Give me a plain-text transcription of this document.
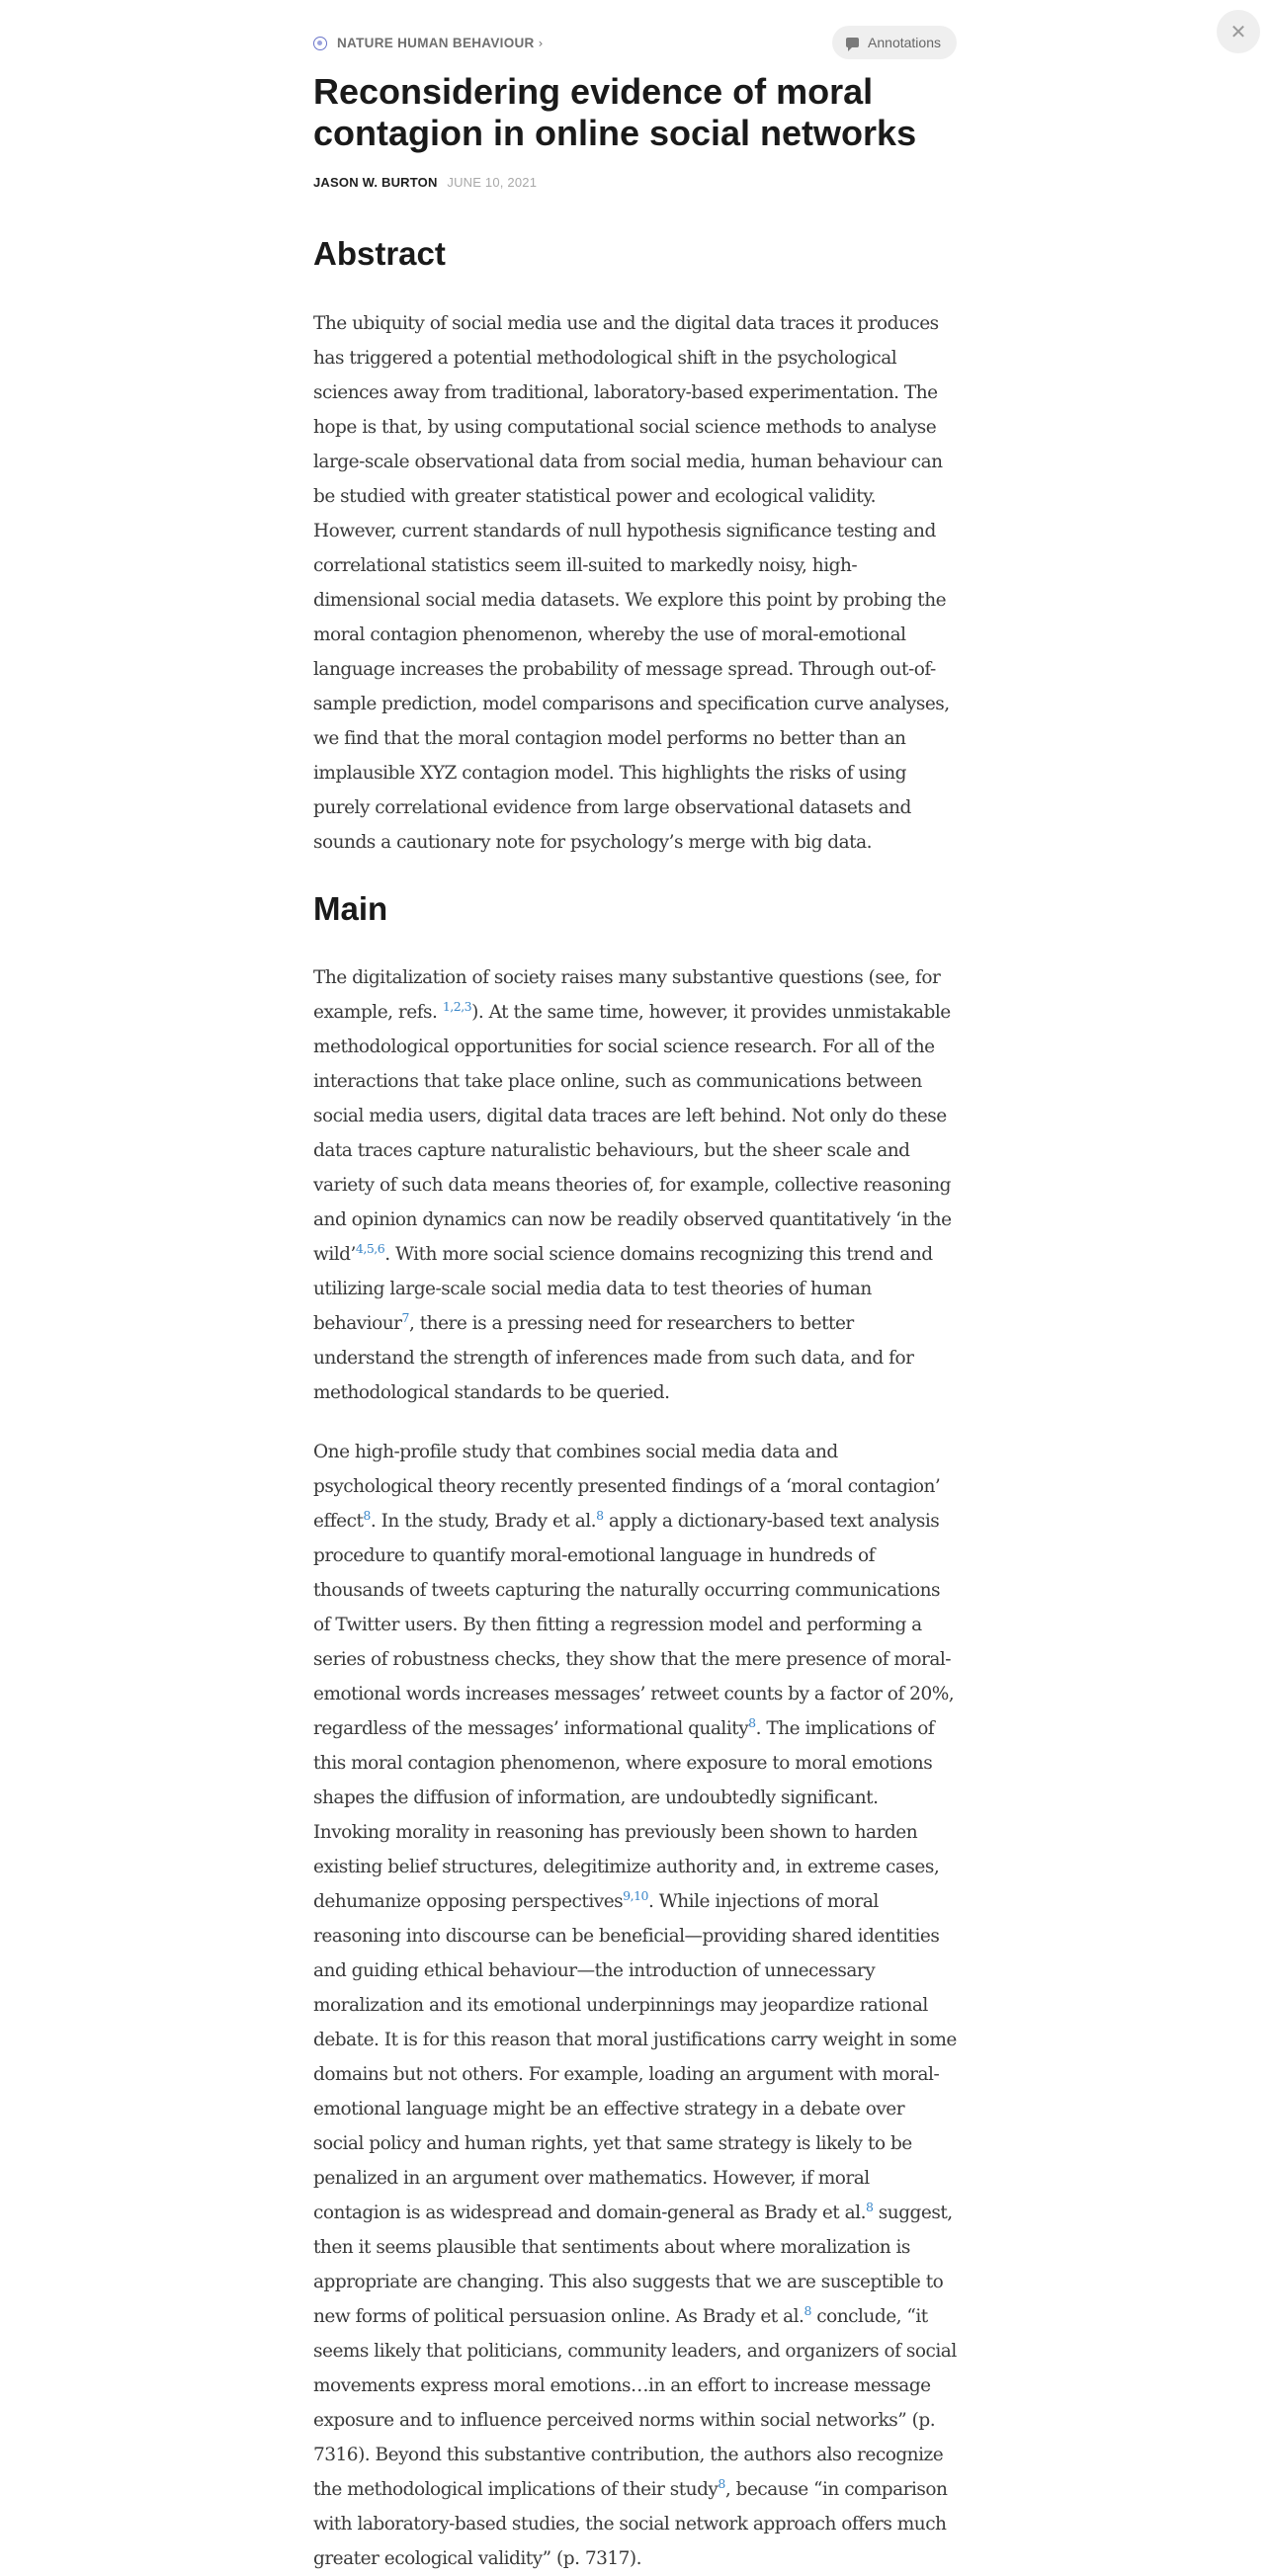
✕
NATURE HUMAN BEHAVIOUR ›	Annotations
Reconsidering evidence of moral contagion in online social networks
JASON W. BURTON JUNE 10, 2021
Abstract

The ubiquity of social media use and the digital data traces it produces has triggered a potential methodological shift in the psychological sciences away from traditional, laboratory-based experimentation. The hope is that, by using computational social science methods to analyse large-scale observational data from social media, human behaviour can be studied with greater statistical power and ecological validity. However, current standards of null hypothesis significance testing and correlational statistics seem ill-suited to markedly noisy, high-dimensional social media datasets. We explore this point by probing the moral contagion phenomenon, whereby the use of moral-emotional language increases the probability of message spread. Through out-of-sample prediction, model comparisons and specification curve analyses, we find that the moral contagion model performs no better than an implausible XYZ contagion model. This highlights the risks of using purely correlational evidence from large observational datasets and sounds a cautionary note for psychology’s merge with big data.

Main

The digitalization of society raises many substantive questions (see, for example, refs. $^{1,2,3}$). At the same time, however, it provides unmistakable methodological opportunities for social science research. For all of the interactions that take place online, such as communications between social media users, digital data traces are left behind. Not only do these data traces capture naturalistic behaviours, but the sheer scale and variety of such data means theories of, for example, collective reasoning and opinion dynamics can now be readily observed quantitatively ‘in the wild’$^{4,5,6}$. With more social science domains recognizing this trend and utilizing large-scale social media data to test theories of human behaviour$^7$, there is a pressing need for researchers to better understand the strength of inferences made from such data, and for methodological standards to be queried.

One high-profile study that combines social media data and psychological theory recently presented findings of a ‘moral contagion’ effect$^8$. In the study, Brady et al.$^8$ apply a dictionary-based text analysis procedure to quantify moral-emotional language in hundreds of thousands of tweets capturing the naturally occurring communications of Twitter users. By then fitting a regression model and performing a series of robustness checks, they show that the mere presence of moral-emotional words increases messages’ retweet counts by a factor of 20%, regardless of the messages’ informational quality$^8$. The implications of this moral contagion phenomenon, where exposure to moral emotions shapes the diffusion of information, are undoubtedly significant. Invoking morality in reasoning has previously been shown to harden existing belief structures, delegitimize authority and, in extreme cases, dehumanize opposing perspectives$^{9,10}$. While injections of moral reasoning into discourse can be beneficial—providing shared identities and guiding ethical behaviour—the introduction of unnecessary moralization and its emotional underpinnings may jeopardize rational debate. It is for this reason that moral justifications carry weight in some domains but not others. For example, loading an argument with moral-emotional language might be an effective strategy in a debate over social policy and human rights, yet that same strategy is likely to be penalized in an argument over mathematics. However, if moral contagion is as widespread and domain-general as Brady et al.$^8$ suggest, then it seems plausible that sentiments about where moralization is appropriate are changing. This also suggests that we are susceptible to new forms of political persuasion online. As Brady et al.$^8$ conclude, “it seems likely that politicians, community leaders, and organizers of social movements express moral emotions…in an effort to increase message exposure and to influence perceived norms within social networks” (p. 7316). Beyond this substantive contribution, the authors also recognize the methodological implications of their study$^8$, because “in comparison with laboratory-based studies, the social network approach offers much greater ecological validity” (p. 7317).
